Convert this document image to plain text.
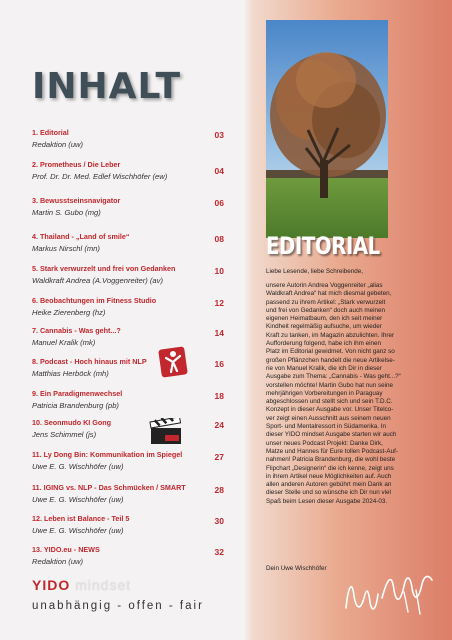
INHALT
1. Editorial
Redaktion (uw)
03
2. Prometheus / Die Leber
Prof. Dr. Dr. Med. Edlef Wischhöfer (ew)
04
3. Bewusstseinsnavigator
Martin S. Gubo (mg)
06
4. Thailand - „Land of smile“
Markus Nirschl (mn)
08
5. Stark verwurzelt und frei von Gedanken
Waldkraft Andrea (A.Voggenreiter) (av)
10
6. Beobachtungen im Fitness Studio
Heike Zierenberg (hz)
12
7. Cannabis - Was geht...?
Manuel Kralik (mk)
14
8. Podcast - Hoch hinaus mit NLP
Matthias Herböck (mh)
16
9. Ein Paradigmenwechsel
Patricia Brandenburg (pb)
18
10. Seonmudo KI Gong
Jens Schimmel (js)
24
11. Ly Dong Bin: Kommunikation im Spiegel
Uwe E. G. Wischhöfer (uw)
27
11. IGING vs. NLP - Das Schmücken / SMART
Uwe E. G. Wischhöfer (uw)
28
12. Leben ist Balance - Teil 5
Uwe E. G. Wischhöfer (uw)
30
13. YIDO.eu - NEWS
Redaktion (uw)
32
YIDO mindset
unabhängig - offen - fair
EDITORIAL
Liebe Lesende, liebe Schreibende,
unsere Autorin Andrea Voggenreiter „alias
Waldkraft Andrea“ hat mich diesmal gebeten,
passend zu ihrem Artikel: „Stark verwurzelt
und frei von Gedanken“ doch auch meinen
eigenen Heimatbaum, den ich seit meiner
Kindheit regelmäßig aufsuche, um wieder
Kraft zu tanken, im Magazin abzulichten. Ihrer
Aufforderung folgend, habe ich ihm einen
Platz im Editorial gewidmet. Von nicht ganz so
großen Pflänzchen handelt die neue Artikelse-
rie von Manuel Kralik, die ich Dir in dieser
Ausgabe zum Thema: „Cannabis - Was geht...?“
vorstellen möchte! Martin Gubo hat nun seine
mehrjährigen Vorbereitungen in Paraguay
abgeschlossen und stellt sich und sein T.D.C.
Konzept in dieser Ausgabe vor. Unser Titelco-
ver zeigt einen Ausschnitt aus seinem neuen
Sport- und Mentalressort in Südamerika. In
dieser YIDO mindset Ausgabe starten wir auch
unser neues Podcast Projekt: Danke Dirk,
Matze und Hannes für Eure tollen Podcast-Auf-
nahmen! Patricia Brandenburg, die wohl beste
Flipchart „Designerin“ die ich kenne, zeigt uns
in ihrem Artikel neue Möglichkeiten auf. Auch
allen anderen Autoren gebührt mein Dank an
dieser Stelle und so wünsche ich Dir nun viel
Spaß beim Lesen dieser Ausgabe 2024-03.
Dein Uwe Wischhöfer
